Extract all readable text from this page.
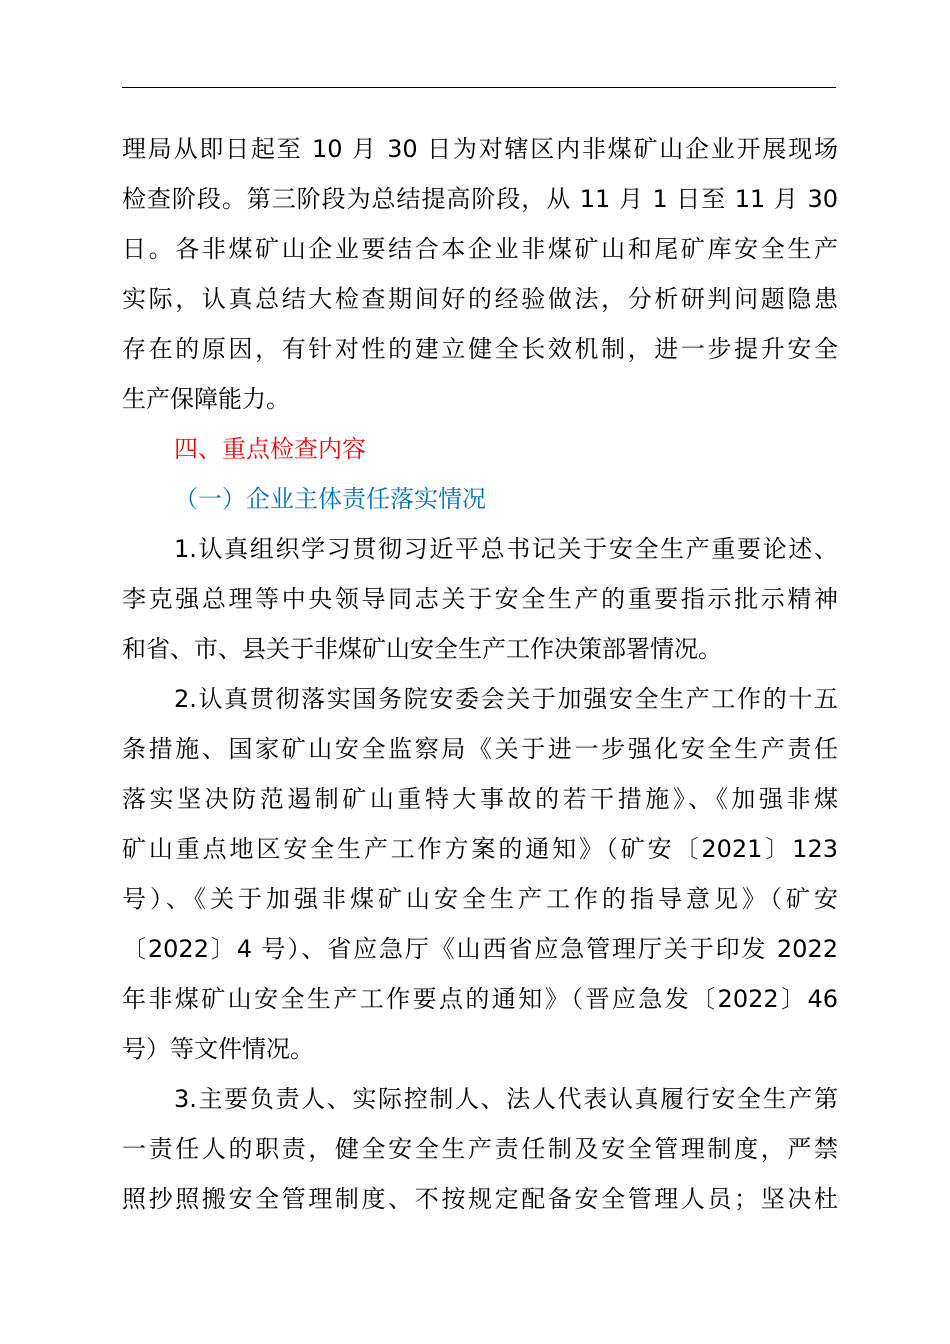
理局从即日起至 10 月 30 日为对辖区内非煤矿山企业开展现场
检查阶段。第三阶段为总结提高阶段，从 11 月 1 日至 11 月 30
日。各非煤矿山企业要结合本企业非煤矿山和尾矿库安全生产
实际，认真总结大检查期间好的经验做法，分析研判问题隐患
存在的原因，有针对性的建立健全长效机制，进一步提升安全
生产保障能力。
四、重点检查内容
（一）企业主体责任落实情况
1.认真组织学习贯彻习近平总书记关于安全生产重要论述、
李克强总理等中央领导同志关于安全生产的重要指示批示精神
和省、市、县关于非煤矿山安全生产工作决策部署情况。
2.认真贯彻落实国务院安委会关于加强安全生产工作的十五
条措施、国家矿山安全监察局《关于进一步强化安全生产责任
落实坚决防范遏制矿山重特大事故的若干措施》、《加强非煤
矿山重点地区安全生产工作方案的通知》（矿安〔2021〕123
号）、《关于加强非煤矿山安全生产工作的指导意见》（矿安
〔2022〕4 号）、省应急厅《山西省应急管理厅关于印发 2022
年非煤矿山安全生产工作要点的通知》（晋应急发〔2022〕46
号）等文件情况。
3.主要负责人、实际控制人、法人代表认真履行安全生产第
一责任人的职责，健全安全生产责任制及安全管理制度，严禁
照抄照搬安全管理制度、不按规定配备安全管理人员；坚决杜
